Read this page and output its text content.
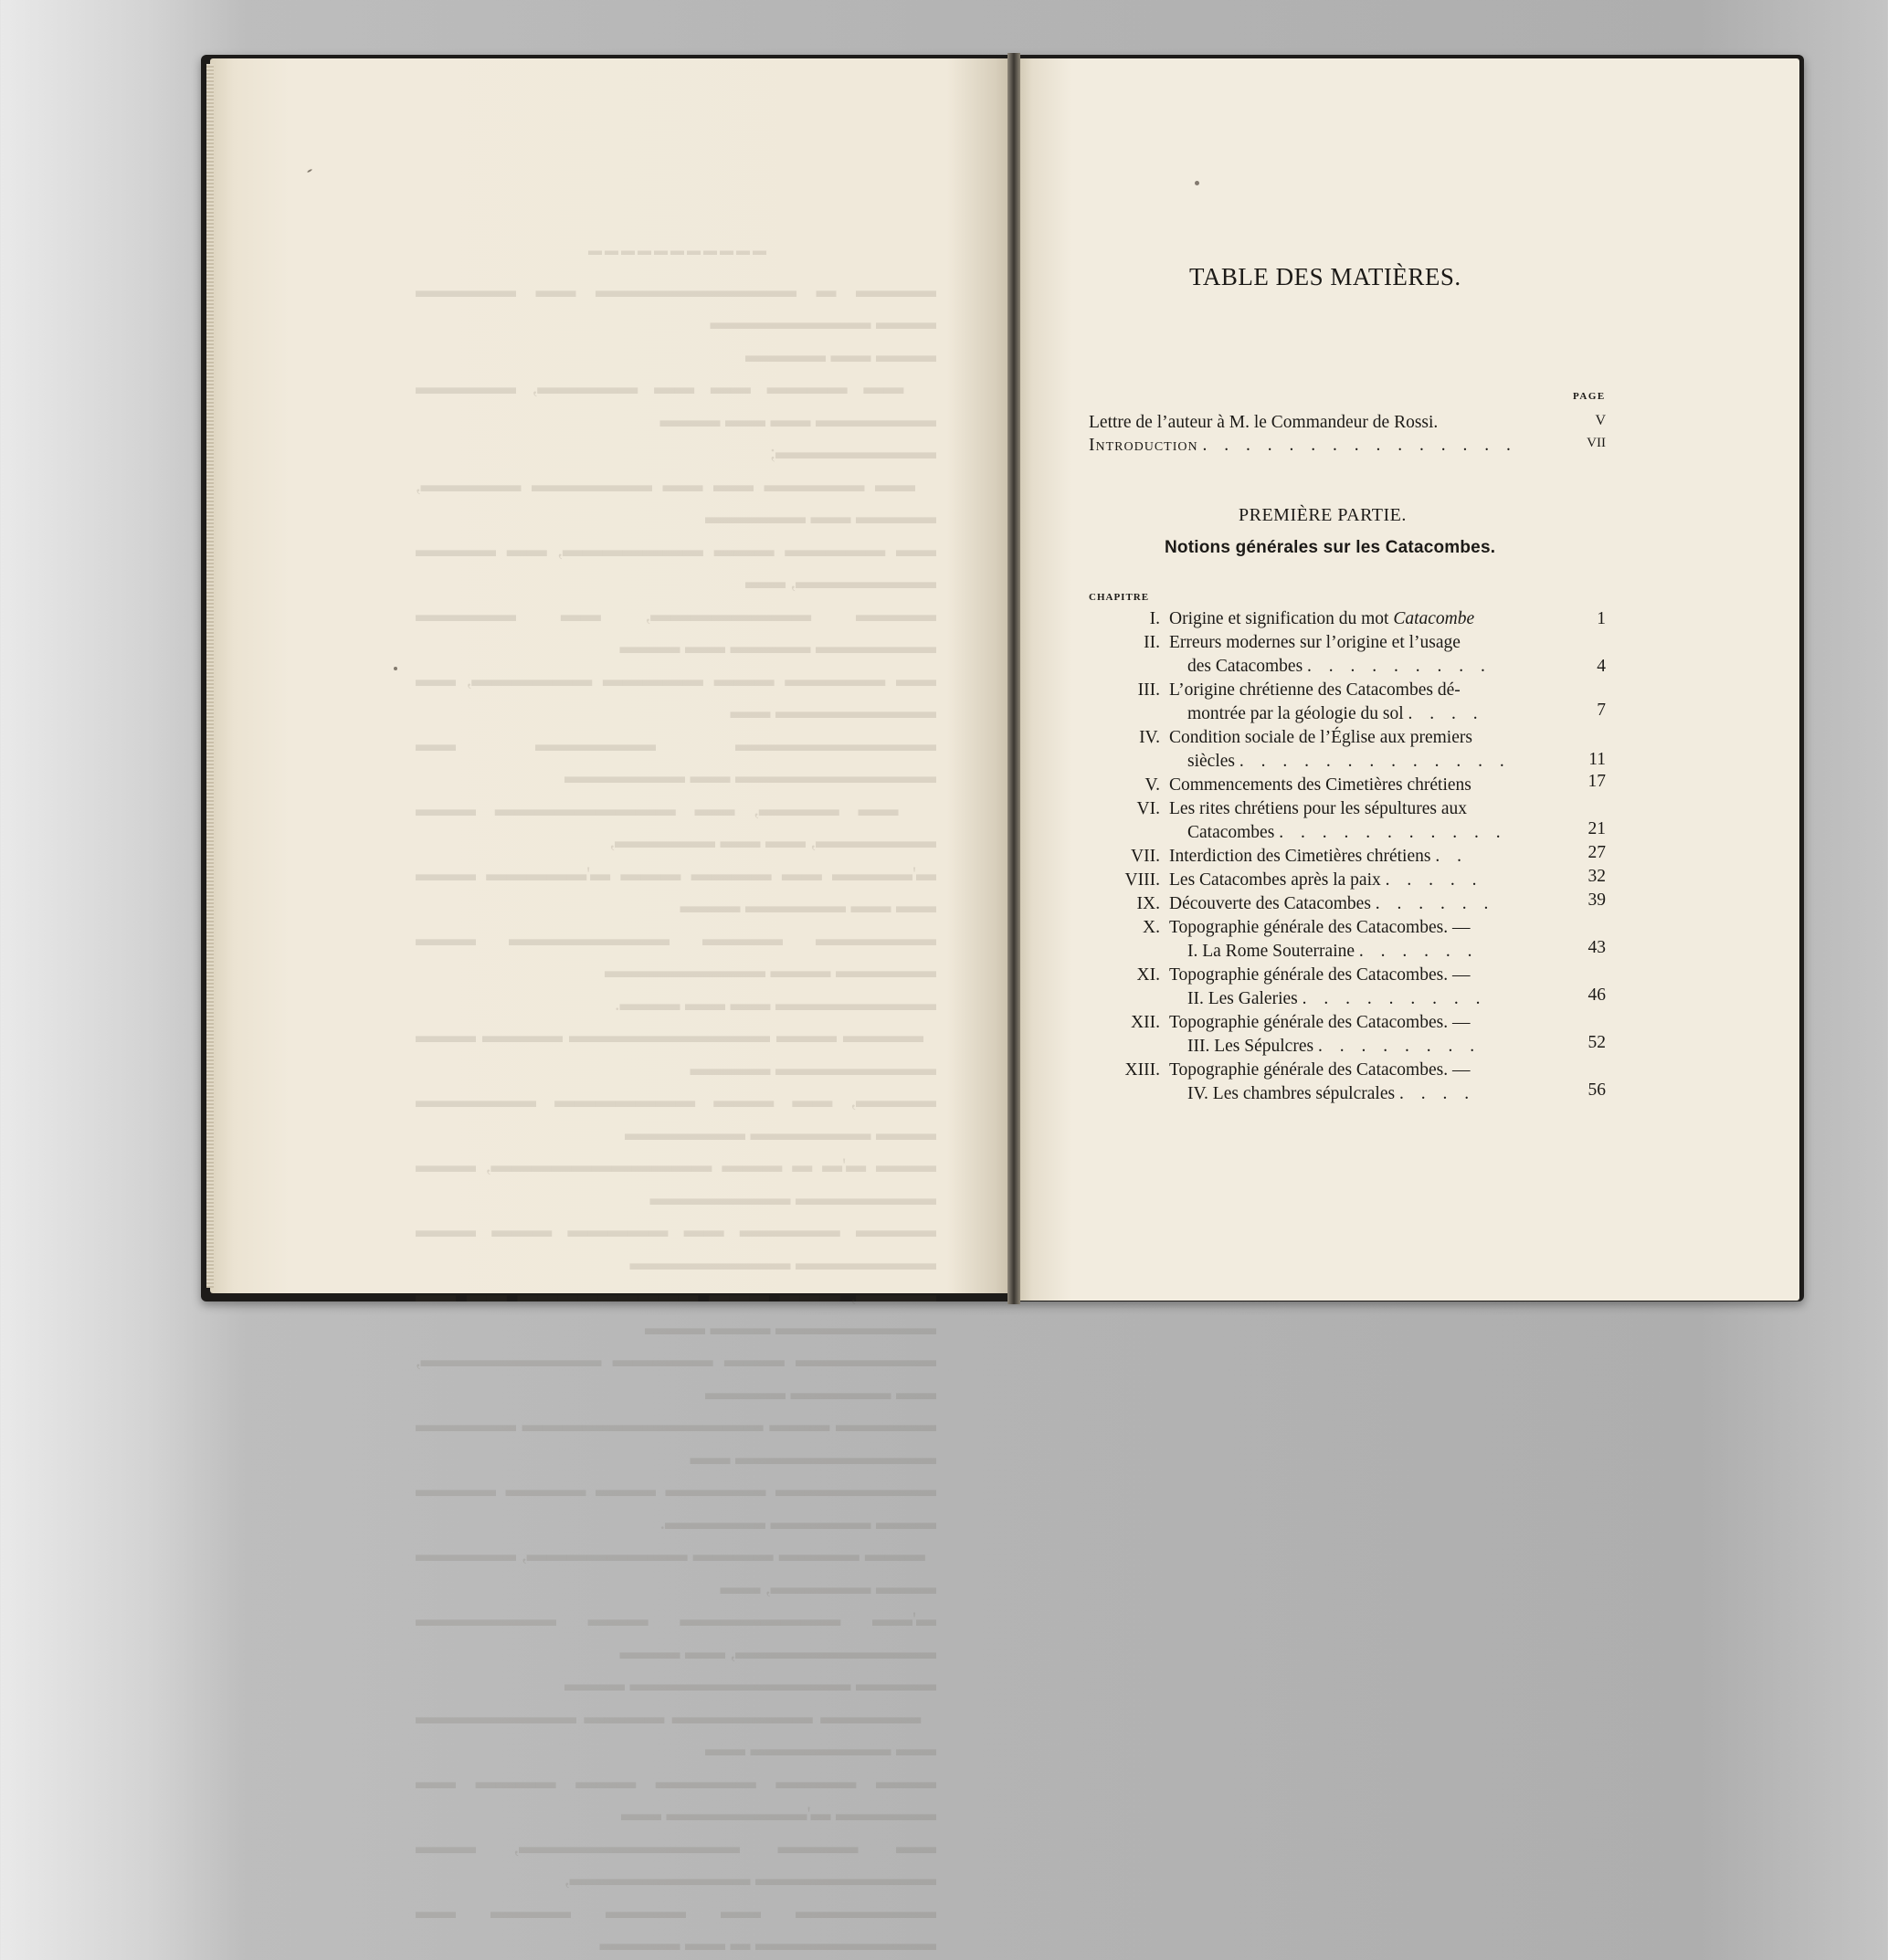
▬▬▬▬▬▬▬▬▬▬▬
▬▬▬▬ ▬ ▬▬▬▬▬▬▬▬▬▬ ▬▬ ▬▬▬▬▬ ▬▬▬ ▬▬▬▬▬▬▬▬
▬▬▬ ▬▬ ▬▬▬▬
▬▬ ▬▬▬▬ ▬▬ ▬▬ ▬▬▬▬▬, ▬▬▬▬▬ ▬▬▬▬▬▬ ▬▬ ▬▬ ▬▬▬
▬▬▬▬▬▬▬▬;
▬▬ ▬▬▬▬▬ ▬▬ ▬▬ ▬▬▬▬▬▬ ▬▬▬▬▬, ▬▬▬▬ ▬▬ ▬▬▬▬▬
▬▬ ▬▬▬▬▬ ▬▬▬ ▬▬▬▬▬▬▬, ▬▬ ▬▬▬▬ ▬▬▬▬▬▬▬, ▬▬
▬▬▬▬ ▬▬▬▬▬▬▬▬, ▬▬ ▬▬▬▬▬ ▬▬▬▬▬▬ ▬▬▬▬ ▬▬ ▬▬▬
▬▬ ▬▬▬▬▬ ▬▬▬ ▬▬▬▬▬ ▬▬▬▬▬▬, ▬▬ ▬▬▬▬▬▬▬▬ ▬▬
▬▬▬▬▬▬▬▬▬▬ ▬▬▬▬▬▬ ▬▬ ▬▬▬▬▬▬▬▬▬▬ ▬▬ ▬▬▬▬▬▬
▬▬ ▬▬▬▬, ▬▬ ▬▬▬▬▬▬▬▬▬ ▬▬▬ ▬▬▬▬▬▬, ▬▬ ▬▬ ▬▬▬▬▬,
▬'▬▬▬▬ ▬▬ ▬▬▬▬ ▬▬▬ ▬'▬▬▬▬▬ ▬▬▬ ▬▬ ▬▬ ▬▬▬▬▬ ▬▬▬
▬▬▬▬▬▬ ▬▬▬▬ ▬▬▬▬▬▬▬▬ ▬▬▬ ▬▬▬▬▬ ▬▬▬ ▬▬▬▬▬▬▬▬
▬▬▬▬▬▬▬▬ ▬▬ ▬▬ ▬▬▬.
▬▬▬▬ ▬▬▬ ▬▬▬▬▬▬▬▬▬▬ ▬▬▬▬ ▬▬▬ ▬▬▬▬▬▬▬▬ ▬▬▬▬
▬▬▬▬, ▬▬ ▬▬▬ ▬▬▬▬▬▬▬ ▬▬▬▬▬▬ ▬▬▬ ▬▬▬▬▬▬ ▬▬▬▬▬▬
▬▬▬ ▬'▬ ▬ ▬▬▬ ▬▬▬▬▬▬▬▬▬▬▬, ▬▬▬ ▬▬▬▬▬▬▬ ▬▬▬▬▬▬▬
▬▬▬▬ ▬▬▬▬▬ ▬▬ ▬▬▬▬▬ ▬▬▬ ▬▬▬ ▬▬▬▬▬▬▬ ▬▬▬▬▬▬▬▬
▬▬▬▬, ▬▬▬ ▬▬▬ ▬▬▬▬▬▬▬▬▬ ▬▬ ▬▬ ▬▬▬▬▬▬▬▬ ▬▬▬ ▬▬▬
▬▬▬▬▬▬▬ ▬▬▬ ▬▬▬▬▬ ▬▬▬▬▬▬▬▬▬, ▬▬ ▬▬▬▬▬ ▬▬▬▬
▬▬▬▬▬ ▬▬▬ ▬▬▬▬▬▬▬▬▬▬▬▬ ▬▬▬▬▬ ▬▬▬▬▬▬▬▬▬▬ ▬▬
▬▬▬▬▬▬▬▬ ▬▬▬▬▬ ▬▬▬ ▬▬▬▬ ▬▬▬▬ ▬▬▬ ▬▬▬▬▬ ▬▬▬▬▬.
▬▬▬ ▬▬▬▬ ▬▬▬▬ ▬▬▬▬▬▬▬▬, ▬▬▬▬▬ ▬▬▬ ▬▬▬▬▬, ▬▬
▬'▬▬ ▬▬▬▬▬▬▬▬ ▬▬▬ ▬▬▬▬▬▬▬ ▬▬▬▬▬▬▬▬▬▬, ▬▬ ▬▬▬
▬▬▬▬ ▬▬▬▬▬▬▬▬▬▬▬ ▬▬▬
▬▬▬▬▬ ▬▬▬▬▬▬▬ ▬▬▬▬ ▬▬▬▬▬▬▬▬ ▬▬ ▬▬▬▬▬▬▬ ▬▬
▬▬▬ ▬▬▬▬ ▬▬▬▬▬ ▬▬▬ ▬▬▬▬ ▬▬ ▬▬▬▬▬ ▬'▬▬▬▬▬▬▬ ▬▬
▬▬ ▬▬▬▬ ▬▬▬▬▬▬▬▬▬▬▬, ▬▬▬ ▬▬▬▬▬▬▬▬▬ ▬▬▬▬▬▬▬▬▬,
▬▬▬▬▬▬▬ ▬▬ ▬▬▬▬ ▬▬▬▬ ▬▬ ▬▬▬▬▬▬▬▬▬ ▬ ▬▬ ▬▬▬▬

TABLE DES MATIÈRES.
PAGE
Lettre de l’auteur à M. le Commandeur de Rossi.	V
Introduction . . . . . . . . . . . . . . .	VII
PREMIÈRE PARTIE.
Notions générales sur les Catacombes.
CHAPITRE
I. Origine et signification du mot Catacombe	1
II. Erreurs modernes sur l’origine et l’usage
des Catacombes . . . . . . . . .	4
III. L’origine chrétienne des Catacombes dé-
montrée par la géologie du sol . . . .	7
IV. Condition sociale de l’Église aux premiers
siècles . . . . . . . . . . . . .	11
V. Commencements des Cimetières chrétiens	17
VI. Les rites chrétiens pour les sépultures aux
Catacombes . . . . . . . . . . .	21
VII. Interdiction des Cimetières chrétiens . .	27
VIII. Les Catacombes après la paix . . . . .	32
IX. Découverte des Catacombes . . . . . .	39
X. Topographie générale des Catacombes. —
I. La Rome Souterraine . . . . . .	43
XI. Topographie générale des Catacombes. —
II. Les Galeries . . . . . . . . .	46
XII. Topographie générale des Catacombes. —
III. Les Sépulcres . . . . . . . .	52
XIII. Topographie générale des Catacombes. —
IV. Les chambres sépulcrales . . . .	56
